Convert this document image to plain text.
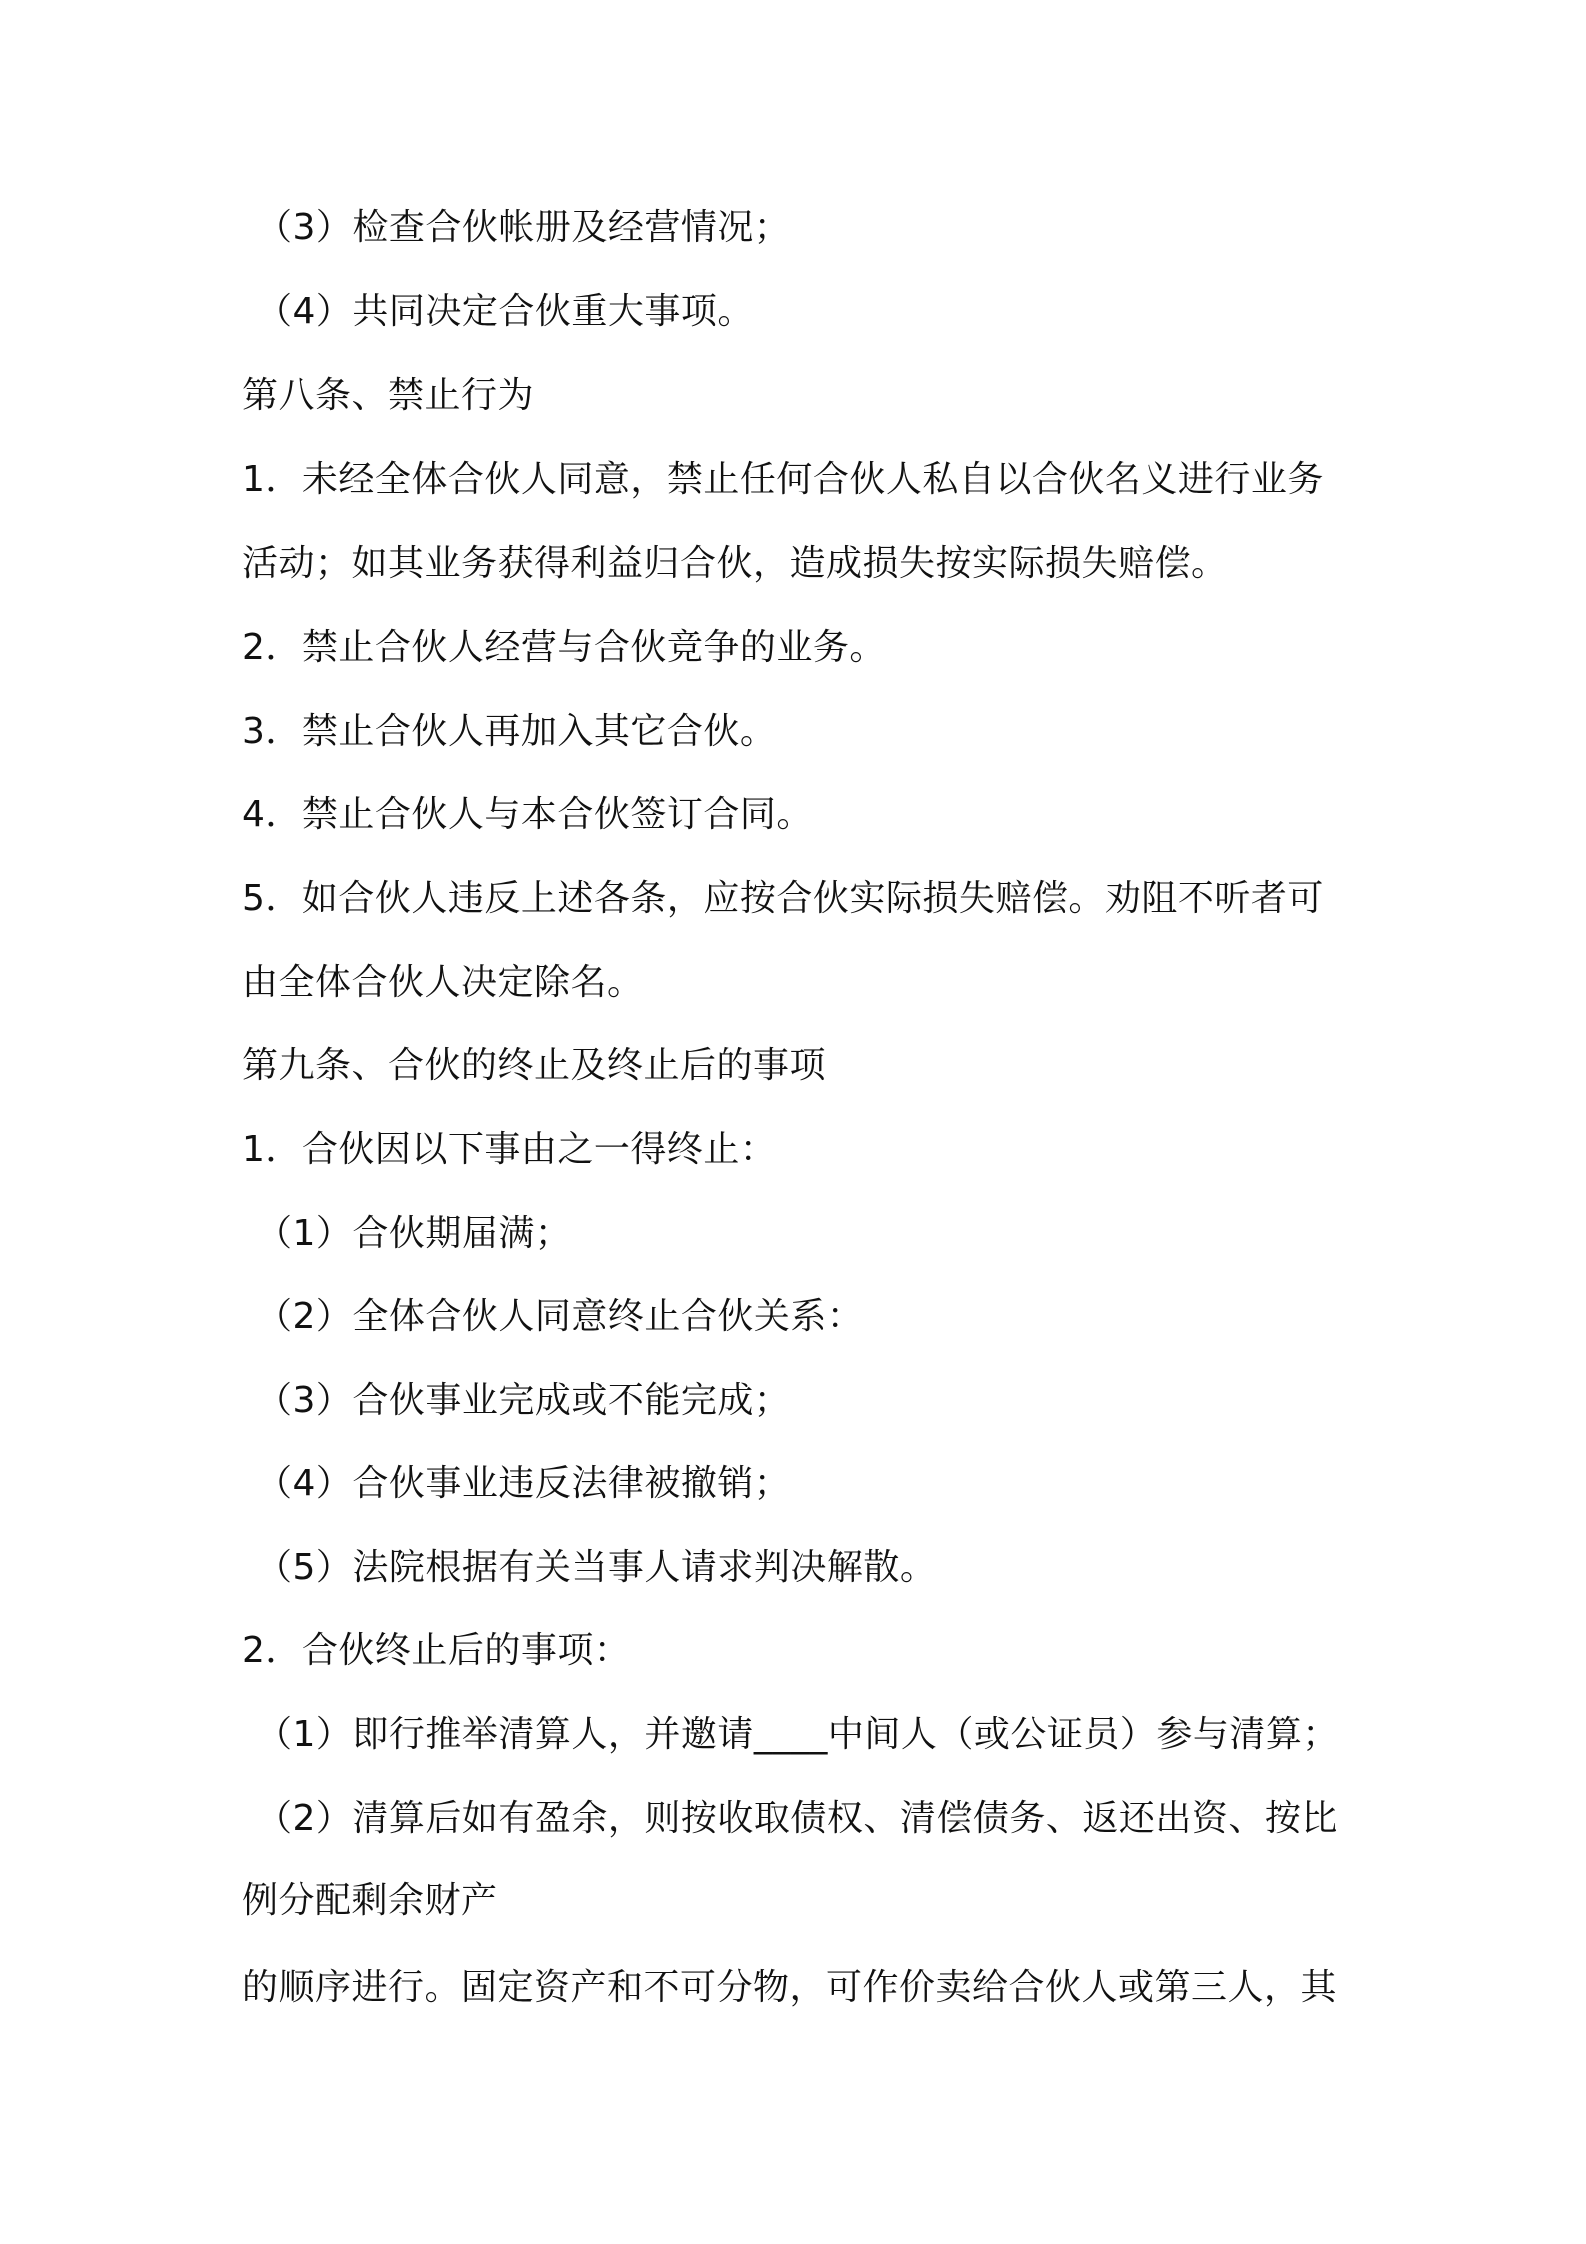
（3）检查合伙帐册及经营情况；
（4）共同决定合伙重大事项。
第八条、禁止行为
1．未经全体合伙人同意，禁止任何合伙人私自以合伙名义进行业务
活动；如其业务获得利益归合伙，造成损失按实际损失赔偿。
2．禁止合伙人经营与合伙竞争的业务。
3．禁止合伙人再加入其它合伙。
4．禁止合伙人与本合伙签订合同。
5．如合伙人违反上述各条，应按合伙实际损失赔偿。劝阻不听者可
由全体合伙人决定除名。
第九条、合伙的终止及终止后的事项
1．合伙因以下事由之一得终止：
（1）合伙期届满；
（2）全体合伙人同意终止合伙关系：
（3）合伙事业完成或不能完成；
（4）合伙事业违反法律被撤销；
（5）法院根据有关当事人请求判决解散。
2．合伙终止后的事项：
（1）即行推举清算人，并邀请____中间人（或公证员）参与清算；
（2）清算后如有盈余，则按收取债权、清偿债务、返还出资、按比
例分配剩余财产
的顺序进行。固定资产和不可分物，可作价卖给合伙人或第三人，其
